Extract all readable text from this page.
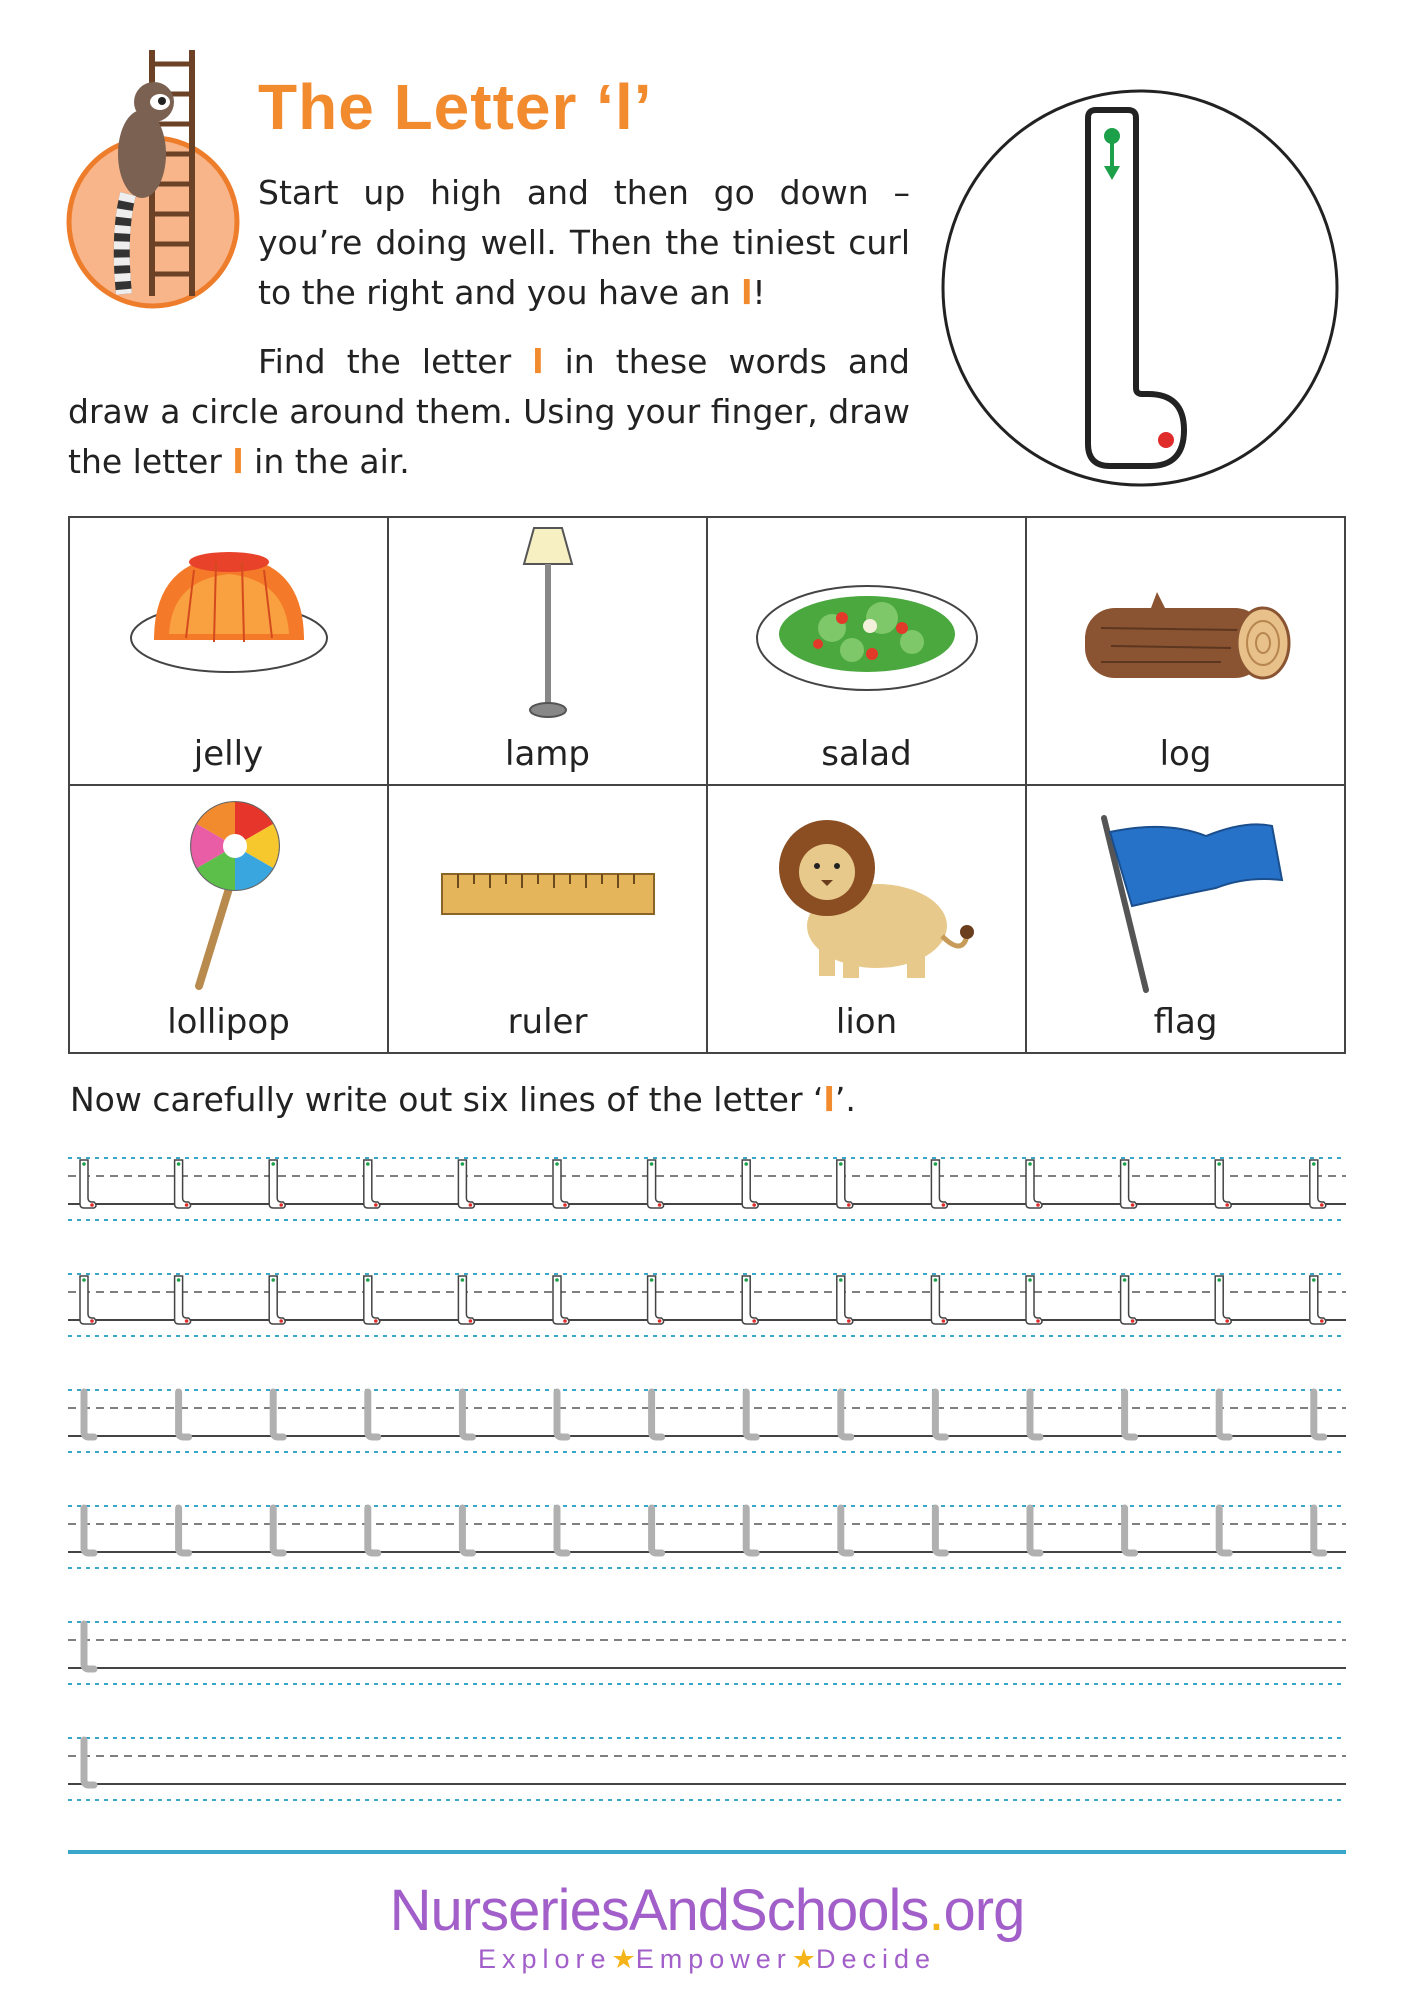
The Letter ‘l’
Start up high and then go down –
you’re doing well. Then the tiniest curl
to the right and you have an l!
Find the letter l in these words and
draw a circle around them. Using your finger, draw
the letter l in the air.
jelly	lamp	salad	log
lollipop	ruler	lion	flag
Now carefully write out six lines of the letter ‘l’.
NurseriesAndSchools.org
Explore★Empower★Decide
